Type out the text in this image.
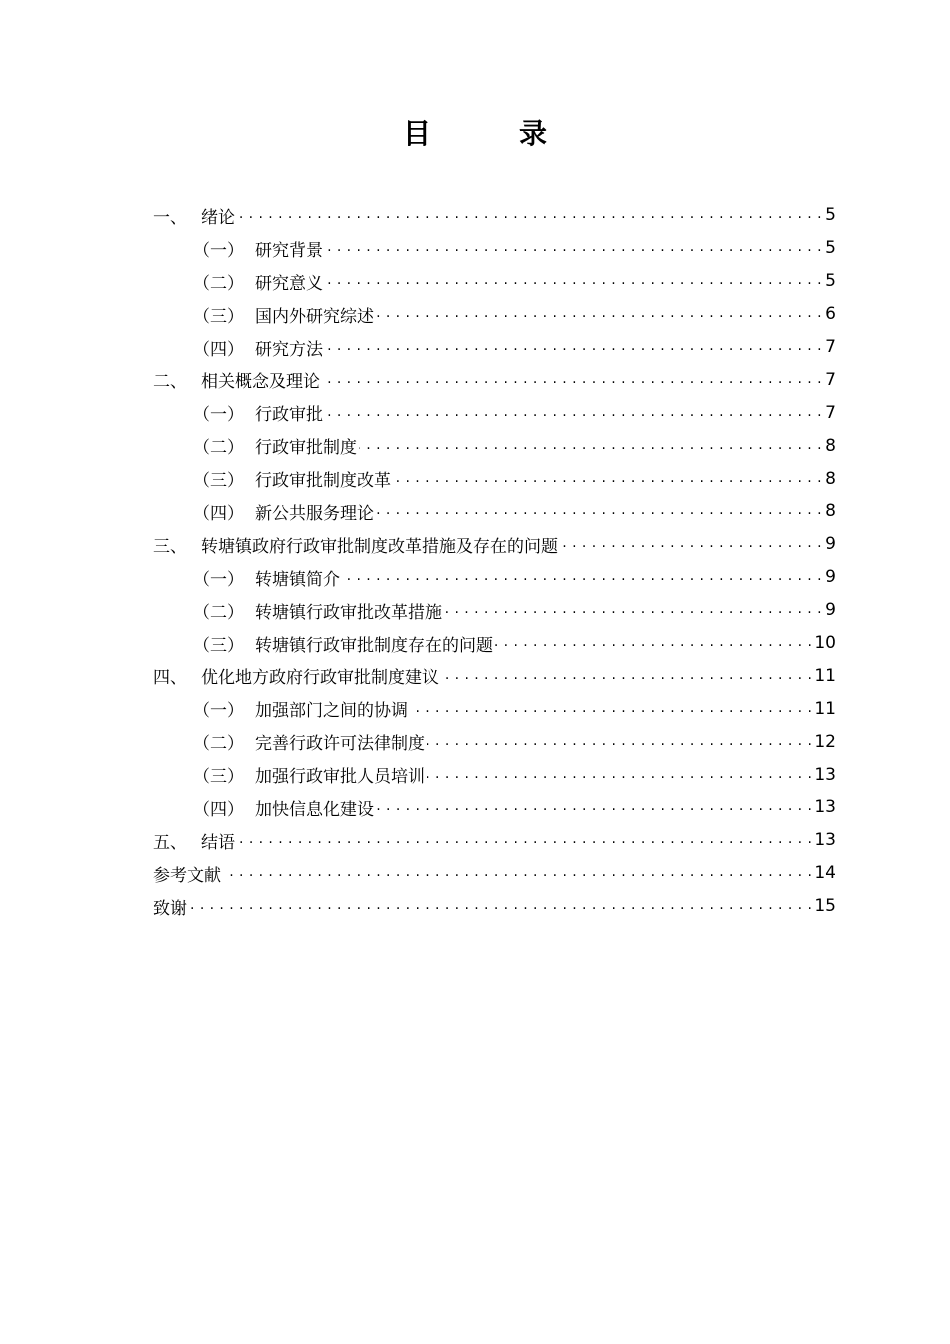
目　录
一、 绪论 . . .	5
（一） 研究背景 . . .	5
（二） 研究意义 . . .	5
（三） 国内外研究综述 . . .	6
（四） 研究方法 . . .	7
二、 相关概念及理论 . . .	7
（一） 行政审批 . . .	7
（二） 行政审批制度 . . .	8
（三） 行政审批制度改革 . . .	8
（四） 新公共服务理论 . . .	8
三、 转塘镇政府行政审批制度改革措施及存在的问题 . . .	9
（一） 转塘镇简介 . . .	9
（二） 转塘镇行政审批改革措施 . . .	9
（三） 转塘镇行政审批制度存在的问题 . . .	10
四、 优化地方政府行政审批制度建议 . . .	11
（一） 加强部门之间的协调 . . .	11
（二） 完善行政许可法律制度 . . .	12
（三） 加强行政审批人员培训 . . .	13
（四） 加快信息化建设 . . .	13
五、 结语 . . .	13
参考文献 . . .	14
致谢 . . .	15
